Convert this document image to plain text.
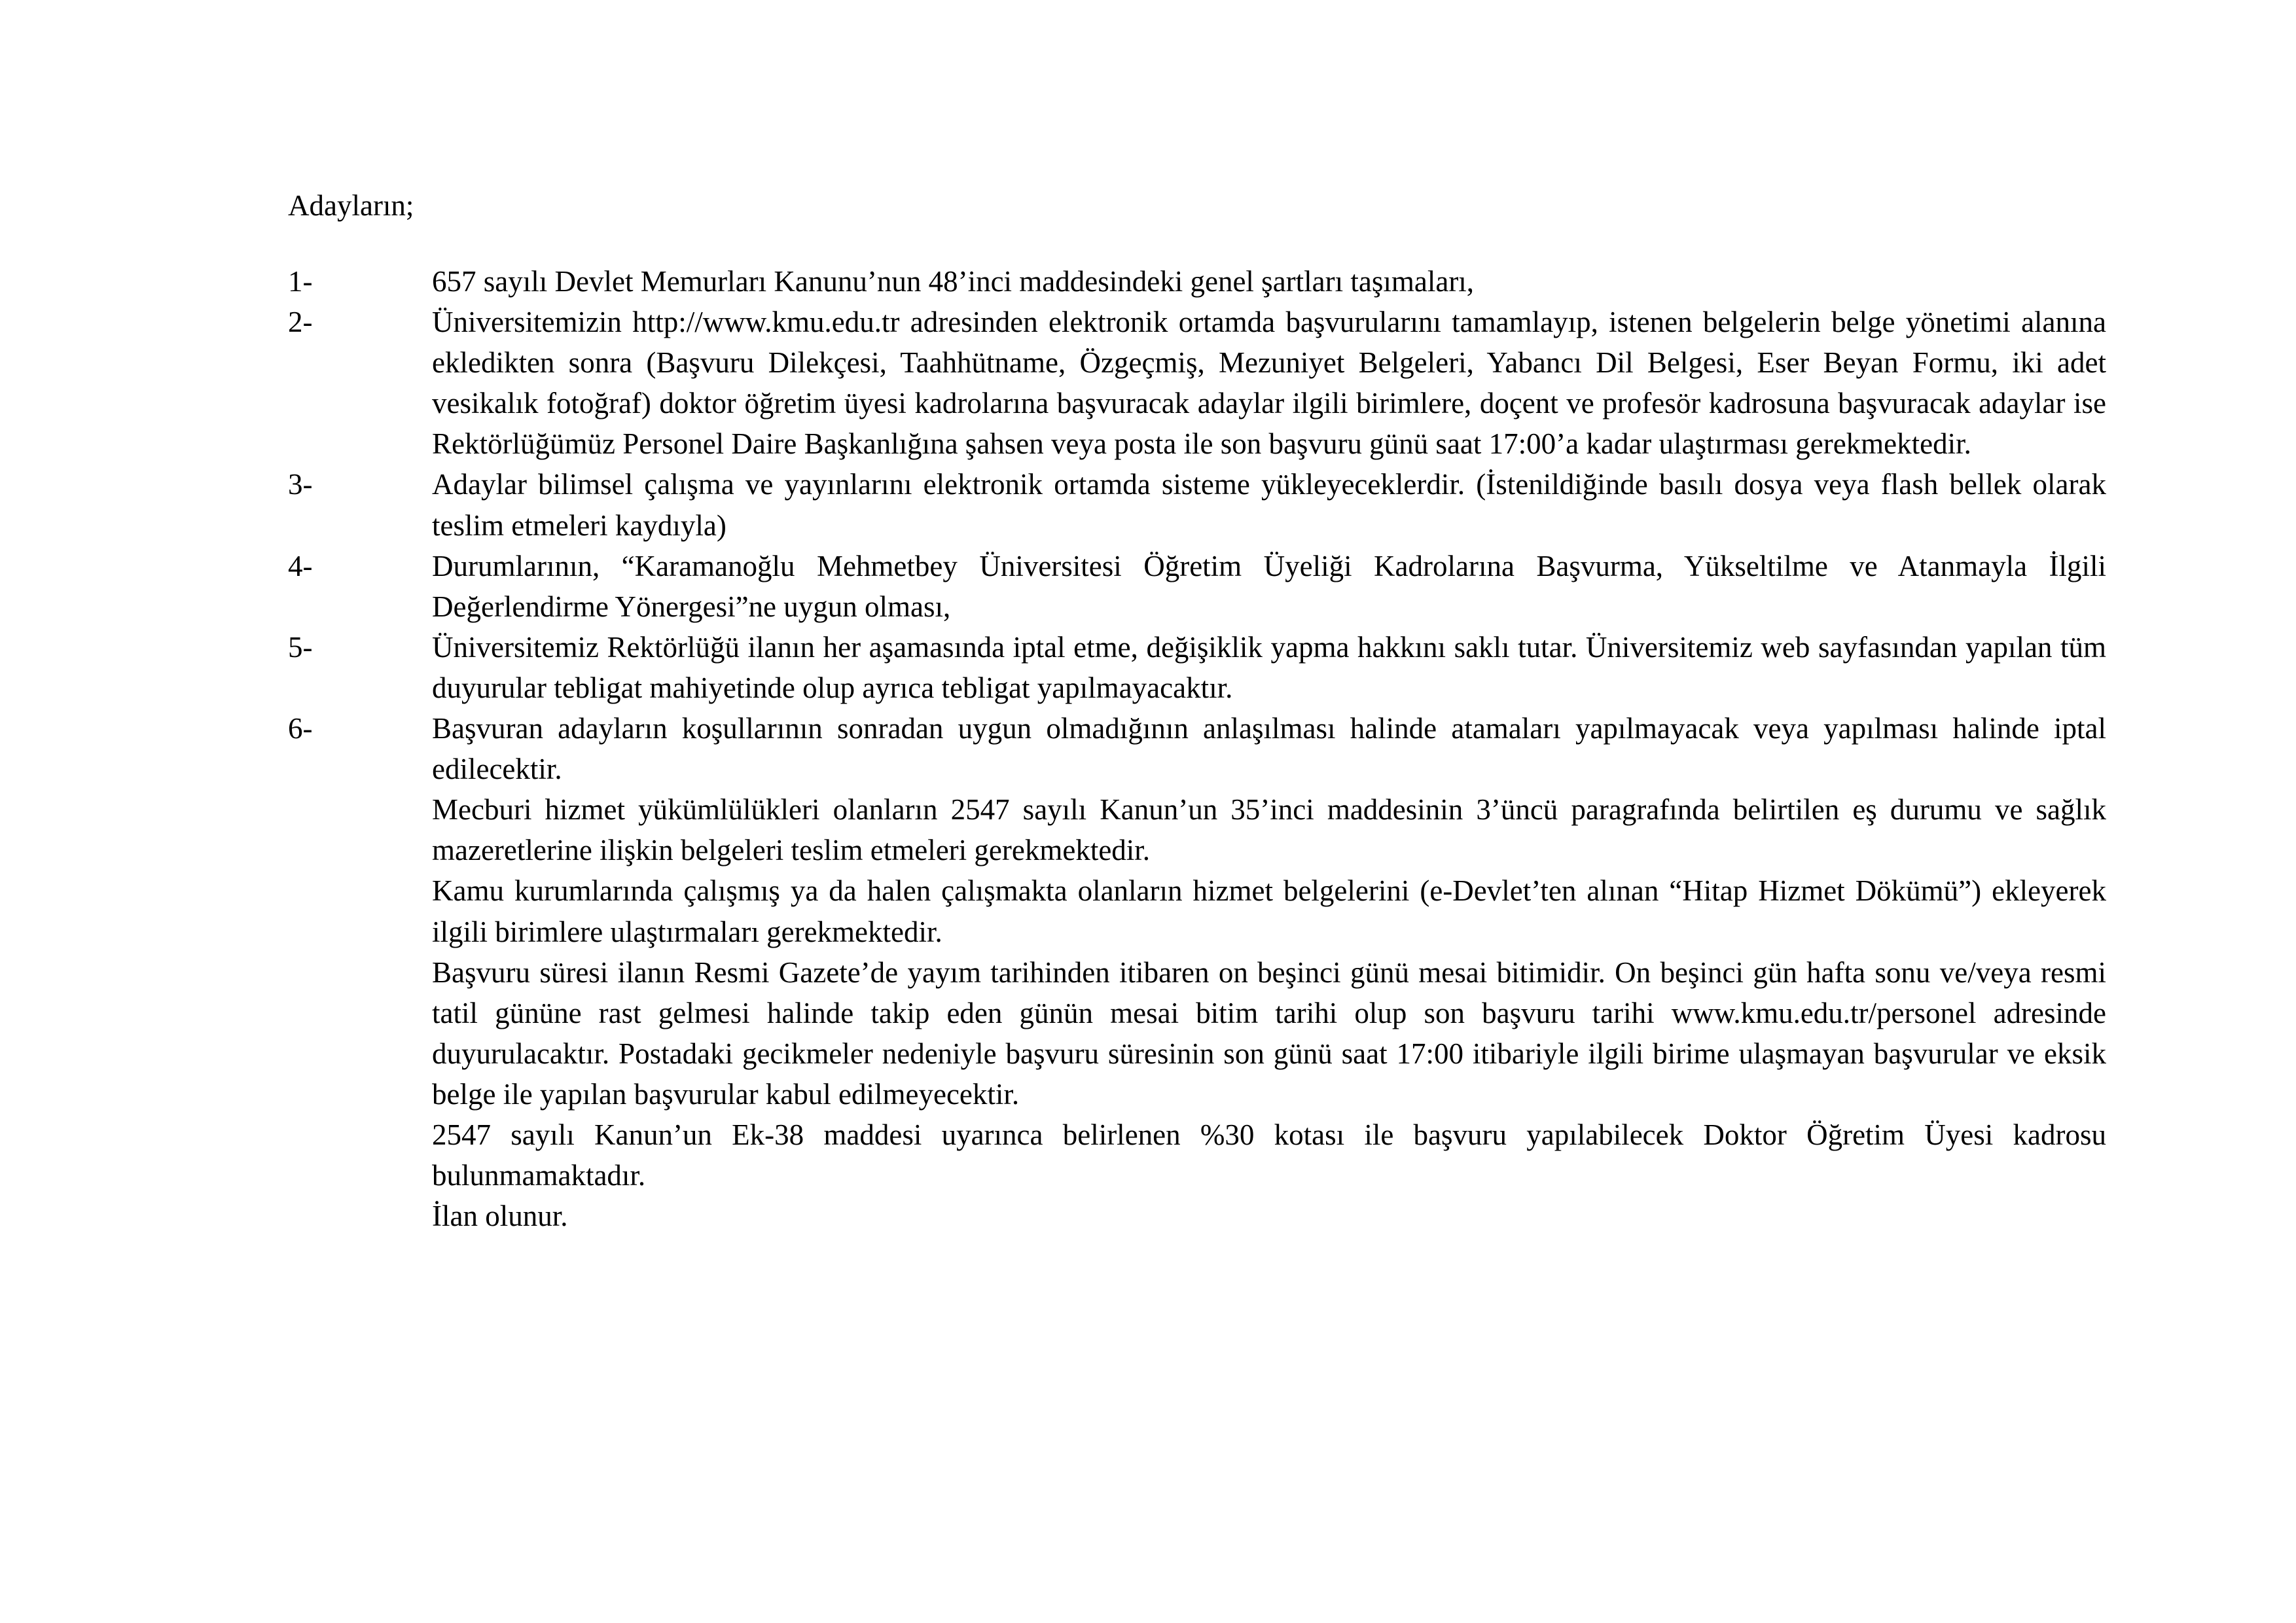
Adayların;

1-	657 sayılı Devlet Memurları Kanunu’nun 48’inci maddesindeki genel şartları taşımaları,
2-	Üniversitemizin http://www.kmu.edu.tr adresinden elektronik ortamda başvurularını tamamlayıp, istenen belgelerin belge yönetimi alanına ekledikten sonra (Başvuru Dilekçesi, Taahhütname, Özgeçmiş, Mezuniyet Belgeleri, Yabancı Dil Belgesi, Eser Beyan Formu, iki adet vesikalık fotoğraf) doktor öğretim üyesi kadrolarına başvuracak adaylar ilgili birimlere, doçent ve profesör kadrosuna başvuracak adaylar ise Rektörlüğümüz Personel Daire Başkanlığına şahsen veya posta ile son başvuru günü saat 17:00’a kadar ulaştırması gerekmektedir.
3-	Adaylar bilimsel çalışma ve yayınlarını elektronik ortamda sisteme yükleyeceklerdir. (İstenildiğinde basılı dosya veya flash bellek olarak teslim etmeleri kaydıyla)
4-	Durumlarının, “Karamanoğlu Mehmetbey Üniversitesi Öğretim Üyeliği Kadrolarına Başvurma, Yükseltilme ve Atanmayla İlgili Değerlendirme Yönergesi”ne uygun olması,
5-	Üniversitemiz Rektörlüğü ilanın her aşamasında iptal etme, değişiklik yapma hakkını saklı tutar. Üniversitemiz web sayfasından yapılan tüm duyurular tebligat mahiyetinde olup ayrıca tebligat yapılmayacaktır.
6-	Başvuran adayların koşullarının sonradan uygun olmadığının anlaşılması halinde atamaları yapılmayacak veya yapılması halinde iptal edilecektir.

Mecburi hizmet yükümlülükleri olanların 2547 sayılı Kanun’un 35’inci maddesinin 3’üncü paragrafında belirtilen eş durumu ve sağlık mazeretlerine ilişkin belgeleri teslim etmeleri gerekmektedir.

Kamu kurumlarında çalışmış ya da halen çalışmakta olanların hizmet belgelerini (e-Devlet’ten alınan “Hitap Hizmet Dökümü”) ekleyerek ilgili birimlere ulaştırmaları gerekmektedir.

Başvuru süresi ilanın Resmi Gazete’de yayım tarihinden itibaren on beşinci günü mesai bitimidir. On beşinci gün hafta sonu ve/veya resmi tatil gününe rast gelmesi halinde takip eden günün mesai bitim tarihi olup son başvuru tarihi www.kmu.edu.tr/personel adresinde duyurulacaktır. Postadaki gecikmeler nedeniyle başvuru süresinin son günü saat 17:00 itibariyle ilgili birime ulaşmayan başvurular ve eksik belge ile yapılan başvurular kabul edilmeyecektir.

2547 sayılı Kanun’un Ek-38 maddesi uyarınca belirlenen %30 kotası ile başvuru yapılabilecek Doktor Öğretim Üyesi kadrosu bulunmamaktadır.

İlan olunur.
